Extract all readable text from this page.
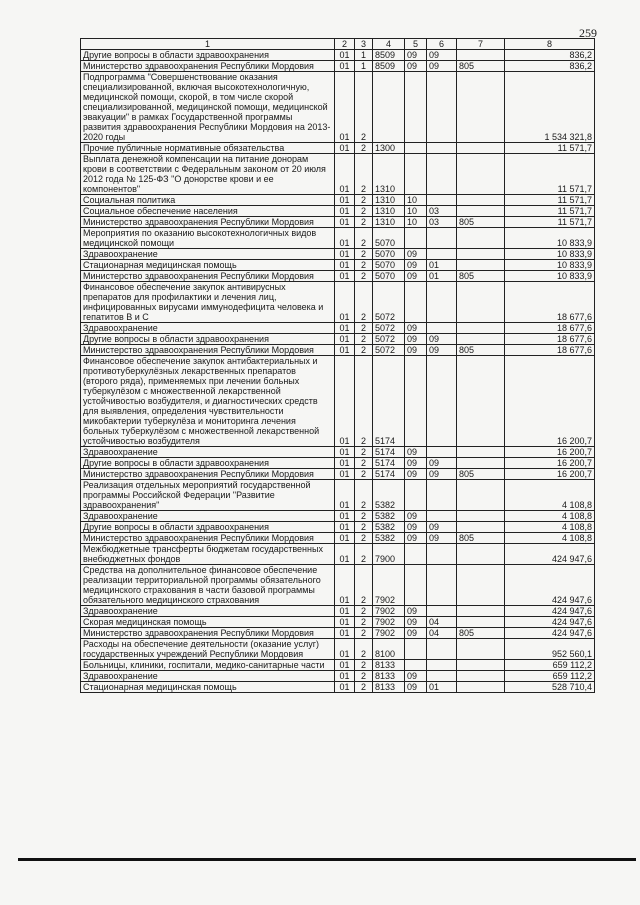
259
1	2	3	4	5	6	7	8
Другие вопросы в области здравоохранения	01	1	8509	09	09		836,2
Министерство здравоохранения Республики Мордовия	01	1	8509	09	09	805	836,2
Подпрограмма "Совершенствование оказания специализированной, включая высокотехнологичную, медицинской помощи, скорой, в том числе скорой специализированной, медицинской помощи, медицинской эвакуации" в рамках Государственной программы развития здравоохранения Республики Мордовия на 2013-2020 годы	01	2					1 534 321,8
Прочие публичные нормативные обязательства	01	2	1300				11 571,7
Выплата денежной компенсации на питание донорам крови в соответствии с Федеральным законом от 20 июля 2012 года № 125-ФЗ "О донорстве крови и ее компонентов"	01	2	1310				11 571,7
Социальная политика	01	2	1310	10			11 571,7
Социальное обеспечение населения	01	2	1310	10	03		11 571,7
Министерство здравоохранения Республики Мордовия	01	2	1310	10	03	805	11 571,7
Мероприятия по оказанию высокотехнологичных видов медицинской помощи	01	2	5070				10 833,9
Здравоохранение	01	2	5070	09			10 833,9
Стационарная медицинская помощь	01	2	5070	09	01		10 833,9
Министерство здравоохранения Республики Мордовия	01	2	5070	09	01	805	10 833,9
Финансовое обеспечение закупок антивирусных препаратов для профилактики и лечения лиц, инфицированных вирусами иммунодефицита человека и гепатитов В и С	01	2	5072				18 677,6
Здравоохранение	01	2	5072	09			18 677,6
Другие вопросы в области здравоохранения	01	2	5072	09	09		18 677,6
Министерство здравоохранения Республики Мордовия	01	2	5072	09	09	805	18 677,6
Финансовое обеспечение закупок антибактериальных и противотуберкулёзных лекарственных препаратов (второго ряда), применяемых при лечении больных туберкулёзом с множественной лекарственной устойчивостью возбудителя, и диагностических средств для выявления, определения чувствительности микобактерии туберкулёза и мониторинга лечения больных туберкулёзом с множественной лекарственной устойчивостью возбудителя	01	2	5174				16 200,7
Здравоохранение	01	2	5174	09			16 200,7
Другие вопросы в области здравоохранения	01	2	5174	09	09		16 200,7
Министерство здравоохранения Республики Мордовия	01	2	5174	09	09	805	16 200,7
Реализация отдельных мероприятий государственной программы Российской Федерации "Развитие здравоохранения"	01	2	5382				4 108,8
Здравоохранение	01	2	5382	09			4 108,8
Другие вопросы в области здравоохранения	01	2	5382	09	09		4 108,8
Министерство здравоохранения Республики Мордовия	01	2	5382	09	09	805	4 108,8
Межбюджетные трансферты бюджетам государственных внебюджетных фондов	01	2	7900				424 947,6
Средства на дополнительное финансовое обеспечение реализации территориальной программы обязательного медицинского страхования в части базовой программы обязательного медицинского страхования	01	2	7902				424 947,6
Здравоохранение	01	2	7902	09			424 947,6
Скорая медицинская помощь	01	2	7902	09	04		424 947,6
Министерство здравоохранения Республики Мордовия	01	2	7902	09	04	805	424 947,6
Расходы на обеспечение деятельности (оказание услуг) государственных учреждений Республики Мордовия	01	2	8100				952 560,1
Больницы, клиники, госпитали, медико-санитарные части	01	2	8133				659 112,2
Здравоохранение	01	2	8133	09			659 112,2
Стационарная медицинская помощь	01	2	8133	09	01		528 710,4
